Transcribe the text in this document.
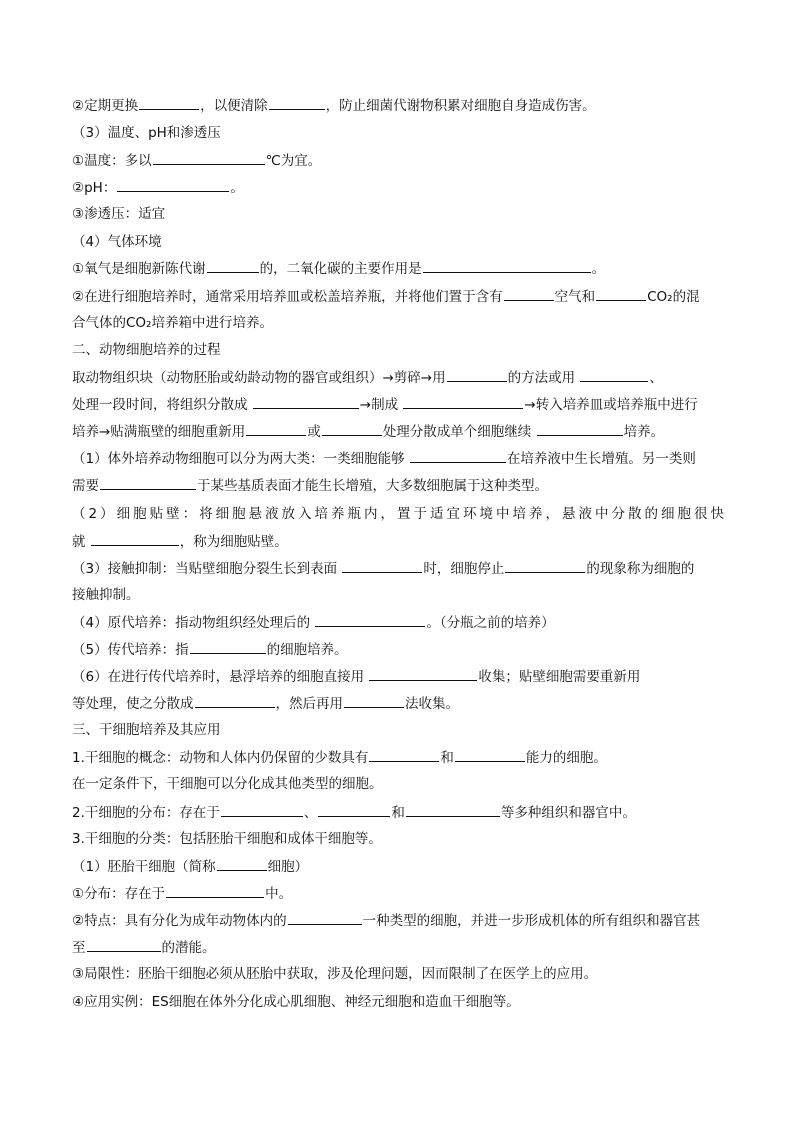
②定期更换	，以便清除	，防止细菌代谢物积累对细胞自身造成伤害。
（3）温度、pH和渗透压
①温度：多以	℃为宜。
②pH：	。
③渗透压：适宜
（4）气体环境
①氧气是细胞新陈代谢	的，二氧化碳的主要作用是	。
②在进行细胞培养时，通常采用培养皿或松盖培养瓶，并将他们置于含有	空气和	CO₂的混
合气体的CO₂培养箱中进行培养。
二、动物细胞培养的过程
取动物组织块（动物胚胎或幼龄动物的器官或组织）→剪碎→用	的方法或用	、
处理一段时间，将组织分散成	→制成	→转入培养皿或培养瓶中进行
培养→贴满瓶壁的细胞重新用	或	处理分散成单个细胞继续	培养。
（1）体外培养动物细胞可以分为两大类：一类细胞能够	在培养液中生长增殖。另一类则
需要	于某些基质表面才能生长增殖，大多数细胞属于这种类型。
（2）细胞贴壁：将细胞悬液放入培养瓶内，置于适宜环境中培养，悬液中分散的细胞很快
就	，称为细胞贴壁。
（3）接触抑制：当贴壁细胞分裂生长到表面	时，细胞停止	的现象称为细胞的
接触抑制。
（4）原代培养：指动物组织经处理后的	。（分瓶之前的培养）
（5）传代培养：指	的细胞培养。
（6）在进行传代培养时，悬浮培养的细胞直接用	收集；贴壁细胞需要重新用
等处理，使之分散成	，然后再用	法收集。
三、干细胞培养及其应用
1.干细胞的概念：动物和人体内仍保留的少数具有	和	能力的细胞。
在一定条件下，干细胞可以分化成其他类型的细胞。
2.干细胞的分布：存在于	、	和	等多种组织和器官中。
3.干细胞的分类：包括胚胎干细胞和成体干细胞等。
（1）胚胎干细胞（简称	细胞）
①分布：存在于	中。
②特点：具有分化为成年动物体内的	一种类型的细胞，并进一步形成机体的所有组织和器官甚
至	的潜能。
③局限性：胚胎干细胞必须从胚胎中获取，涉及伦理问题，因而限制了在医学上的应用。
④应用实例：ES细胞在体外分化成心肌细胞、神经元细胞和造血干细胞等。
